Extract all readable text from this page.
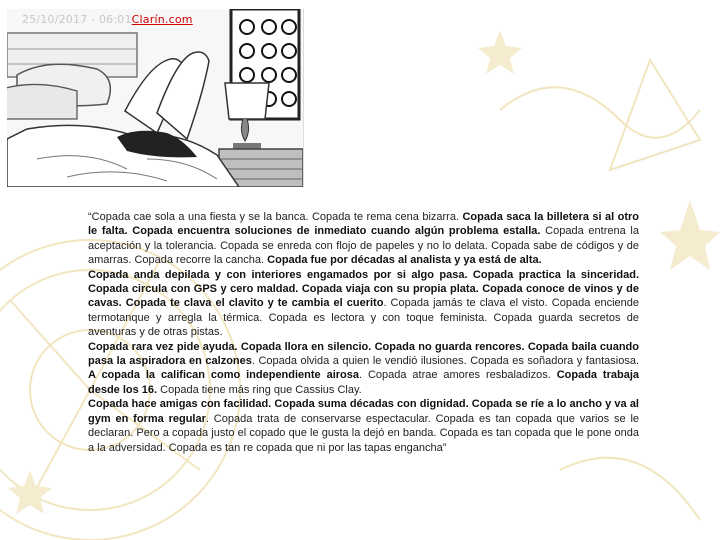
25/10/2017 - 06:01Clarín.com

“Copada cae sola a una fiesta y se la banca. Copada te rema cena bizarra. Copada saca la billetera si al otro le falta. Copada encuentra soluciones de inmediato cuando algún problema estalla. Copada entrena la aceptación y la tolerancia. Copada se enreda con flojo de papeles y no lo delata. Copada sabe de códigos y de amarras. Copada recorre la cancha. Copada fue por décadas al analista y ya está de alta.

Copada anda depilada y con interiores engamados por si algo pasa. Copada practica la sinceridad. Copada circula con GPS y cero maldad. Copada viaja con su propia plata. Copada conoce de vinos y de cavas. Copada te clava el clavito y te cambia el cuerito. Copada jamás te clava el visto. Copada enciende termotanque y arregla la térmica. Copada es lectora y con toque feminista. Copada guarda secretos de aventuras y de otras pistas.

Copada rara vez pide ayuda. Copada llora en silencio. Copada no guarda rencores. Copada baila cuando pasa la aspiradora en calzones. Copada olvida a quien le vendió ilusiones. Copada es soñadora y fantasiosa. A copada la califican como independiente airosa. Copada atrae amores resbaladizos. Copada trabaja desde los 16. Copada tiene más ring que Cassius Clay.

Copada hace amigas con facilidad. Copada suma décadas con dignidad. Copada se ríe a lo ancho y va al gym en forma regular. Copada trata de conservarse espectacular. Copada es tan copada que varios se le declaran. Pero a copada justo el copado que le gusta la dejó en banda. Copada es tan copada que le pone onda a la adversidad. Copada es tan re copada que ni por las tapas engancha”
